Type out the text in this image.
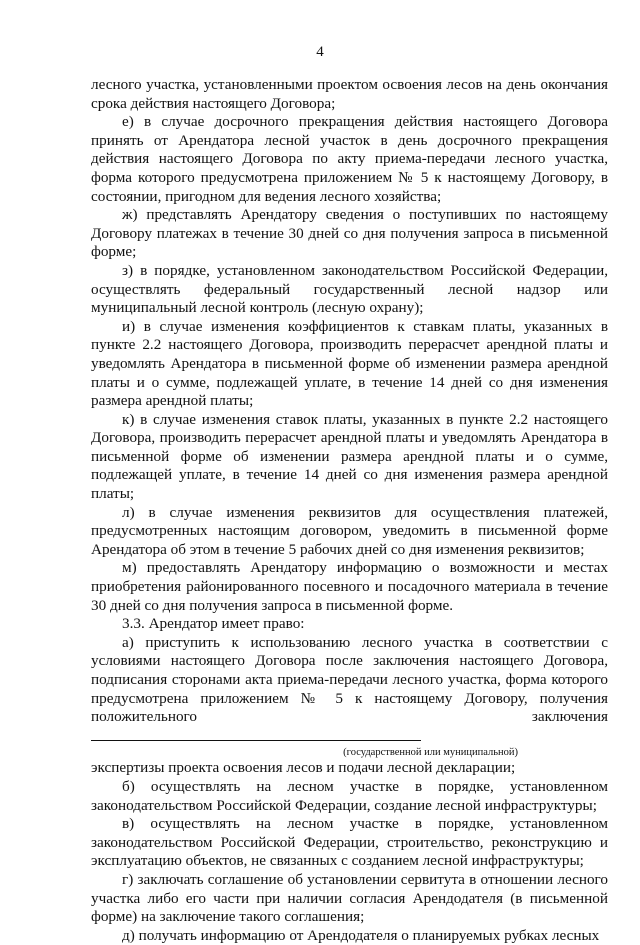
4

лесного участка, установленными проектом освоения лесов на день окончания срока действия настоящего Договора;

е) в случае досрочного прекращения действия настоящего Договора принять от Арендатора лесной участок в день досрочного прекращения действия настоящего Договора по акту приема-передачи лесного участка, форма которого предусмотрена приложением № 5 к настоящему Договору, в состоянии, пригодном для ведения лесного хозяйства;

ж) представлять Арендатору сведения о поступивших по настоящему Договору платежах в течение 30 дней со дня получения запроса в письменной форме;

з) в порядке, установленном законодательством Российской Федерации, осуществлять федеральный государственный лесной надзор или муниципальный лесной контроль (лесную охрану);

и) в случае изменения коэффициентов к ставкам платы, указанных в пункте 2.2 настоящего Договора, производить перерасчет арендной платы и уведомлять Арендатора в письменной форме об изменении размера арендной платы и о сумме, подлежащей уплате, в течение 14 дней со дня изменения размера арендной платы;

к) в случае изменения ставок платы, указанных в пункте 2.2 настоящего Договора, производить перерасчет арендной платы и уведомлять Арендатора в письменной форме об изменении размера арендной платы и о сумме, подлежащей уплате, в течение 14 дней со дня изменения размера арендной платы;

л) в случае изменения реквизитов для осуществления платежей, предусмотренных настоящим договором, уведомить в письменной форме Арендатора об этом в течение 5 рабочих дней со дня изменения реквизитов;

м) предоставлять Арендатору информацию о возможности и местах приобретения районированного посевного и посадочного материала в течение 30 дней со дня получения запроса в письменной форме.

3.3. Арендатор имеет право:

а) приступить к использованию лесного участка в соответствии с условиями настоящего Договора после заключения настоящего Договора, подписания сторонами акта приема-передачи лесного участка, форма которого предусмотрена приложением № 5 к настоящему Договору, получения положительного заключения

(государственной или муниципальной)

экспертизы проекта освоения лесов и подачи лесной декларации;

б) осуществлять на лесном участке в порядке, установленном законодательством Российской Федерации, создание лесной инфраструктуры;

в) осуществлять на лесном участке в порядке, установленном законодательством Российской Федерации, строительство, реконструкцию и эксплуатацию объектов, не связанных с созданием лесной инфраструктуры;

г) заключать соглашение об установлении сервитута в отношении лесного участка либо его части при наличии согласия Арендодателя (в письменной форме) на заключение такого соглашения;

д) получать информацию от Арендодателя о планируемых рубках лесных
